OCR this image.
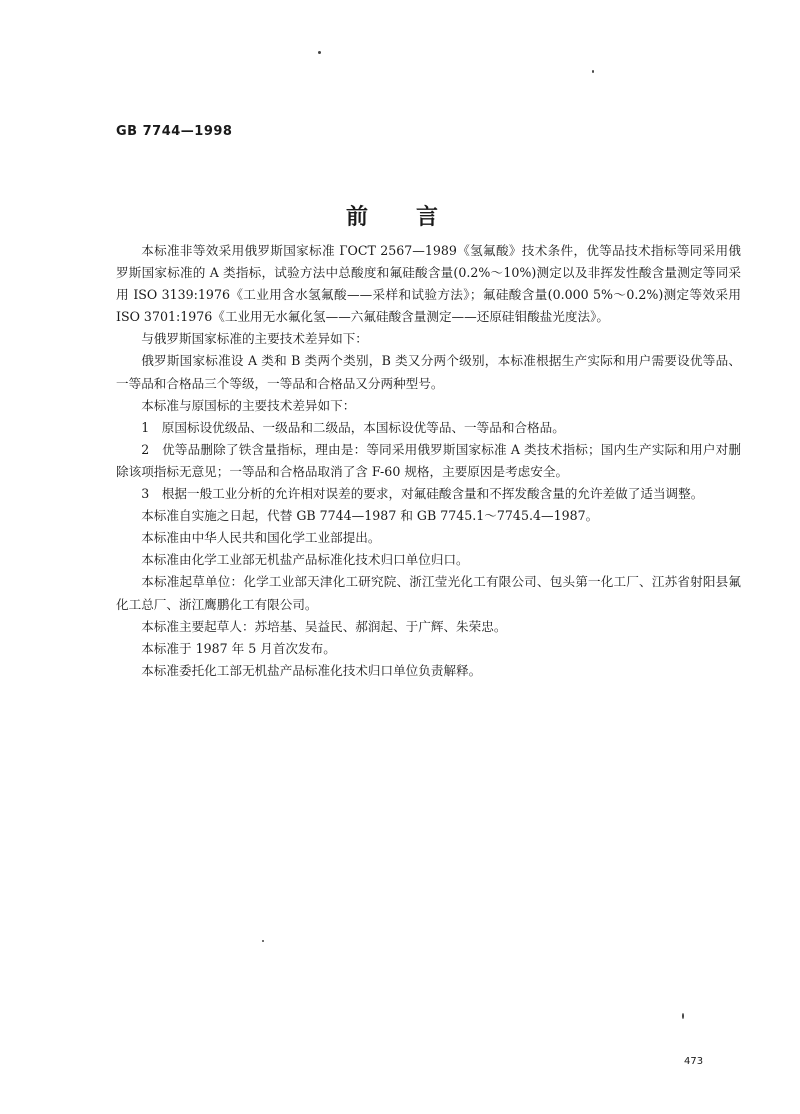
GB 7744—1998
前言

本标准非等效采用俄罗斯国家标准 ГОСТ 2567—1989《氢氟酸》技术条件，优等品技术指标等同采用俄罗斯国家标准的 A 类指标，试验方法中总酸度和氟硅酸含量(0.2%～10%)测定以及非挥发性酸含量测定等同采用 ISO 3139:1976《工业用含水氢氟酸——采样和试验方法》；氟硅酸含量(0.000 5%～0.2%)测定等效采用 ISO 3701:1976《工业用无水氟化氢——六氟硅酸含量测定——还原硅钼酸盐光度法》。

与俄罗斯国家标准的主要技术差异如下：

俄罗斯国家标准设 A 类和 B 类两个类别，B 类又分两个级别，本标准根据生产实际和用户需要设优等品、一等品和合格品三个等级，一等品和合格品又分两种型号。

本标准与原国标的主要技术差异如下：

1　原国标设优级品、一级品和二级品，本国标设优等品、一等品和合格品。

2　优等品删除了铁含量指标，理由是：等同采用俄罗斯国家标准 A 类技术指标；国内生产实际和用户对删除该项指标无意见；一等品和合格品取消了含 F-60 规格，主要原因是考虑安全。

3　根据一般工业分析的允许相对误差的要求，对氟硅酸含量和不挥发酸含量的允许差做了适当调整。

本标准自实施之日起，代替 GB 7744—1987 和 GB 7745.1～7745.4—1987。

本标准由中华人民共和国化学工业部提出。

本标准由化学工业部无机盐产品标准化技术归口单位归口。

本标准起草单位：化学工业部天津化工研究院、浙江莹光化工有限公司、包头第一化工厂、江苏省射阳县氟化工总厂、浙江鹰鹏化工有限公司。

本标准主要起草人：苏培基、吴益民、郝润起、于广辉、朱荣忠。

本标准于 1987 年 5 月首次发布。

本标准委托化工部无机盐产品标准化技术归口单位负责解释。

473
